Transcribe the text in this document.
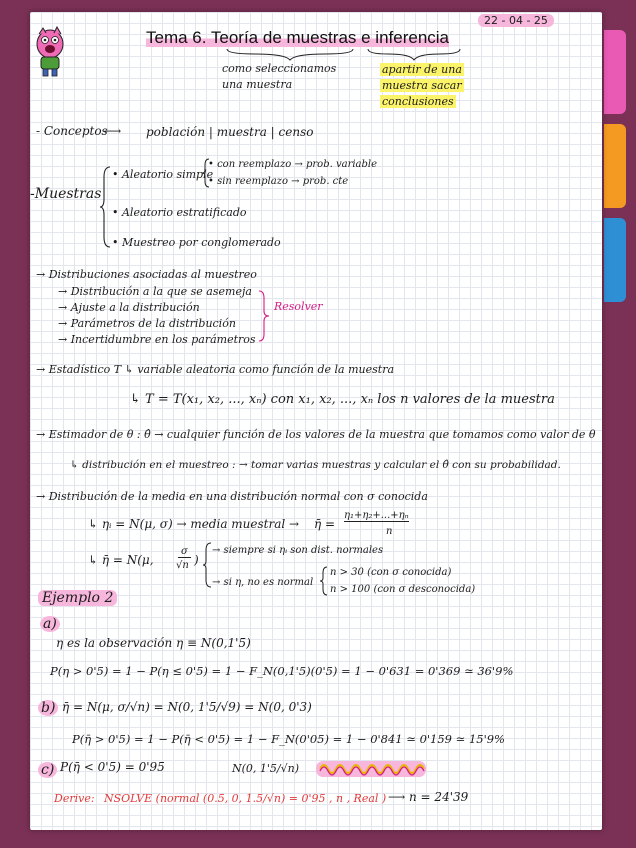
22 - 04 - 25
Tema 6. Teoría de muestras e inferencia
como seleccionamos
una muestra
apartir de una
muestra sacar
conclusiones
- Conceptos
⟶ población | muestra | censo
-Muestras
• Aleatorio simple
• con reemplazo → prob. variable
• sin reemplazo → prob. cte
• Aleatorio estratificado
• Muestreo por conglomerado
→ Distribuciones asociadas al muestreo
→ Distribución a la que se asemeja
→ Ajuste a la distribución
→ Parámetros de la distribución
→ Incertidumbre en los parámetros
Resolver
→ Estadístico T ↳ variable aleatoria como función de la muestra
↳ T = T(x₁, x₂, ..., xₙ) con x₁, x₂, ..., xₙ los n valores de la muestra
→ Estimador de θ : θ̂ → cualquier función de los valores de la muestra que tomamos como valor de θ
↳ distribución en el muestreo : → tomar varias muestras y calcular el θ̂ con su probabilidad.
→ Distribución de la media en una distribución normal con σ conocida
↳ ηᵢ = N(μ, σ) → media muestral → η̄ =
η₁+η₂+...+ηₙ
n
↳ η̄ = N(μ,
σ
√n )
→ siempre si ηᵢ son dist. normales
→ si η, no es normal
n > 30 (con σ conocida)
n > 100 (con σ desconocida)
Ejemplo 2
a)
η es la observación η ≡ N(0,1'5)
P(η > 0'5) = 1 − P(η ≤ 0'5) = 1 − F_N(0,1'5)(0'5) = 1 − 0'631 = 0'369 ≃ 36'9%
b) η̄ = N(μ, σ/√n) = N(0, 1'5/√9) = N(0, 0'3)
P(η̄ > 0'5) = 1 − P(η̄ < 0'5) = 1 − F_N(0'05) = 1 − 0'841 ≃ 0'159 ≃ 15'9%
c) P(η̄ < 0'5) = 0'95	N(0, 1'5/√n)
Derive: NSOLVE (normal (0.5, 0, 1.5/√n) = 0'95 , n , Real ) ⟶ n = 24'39
